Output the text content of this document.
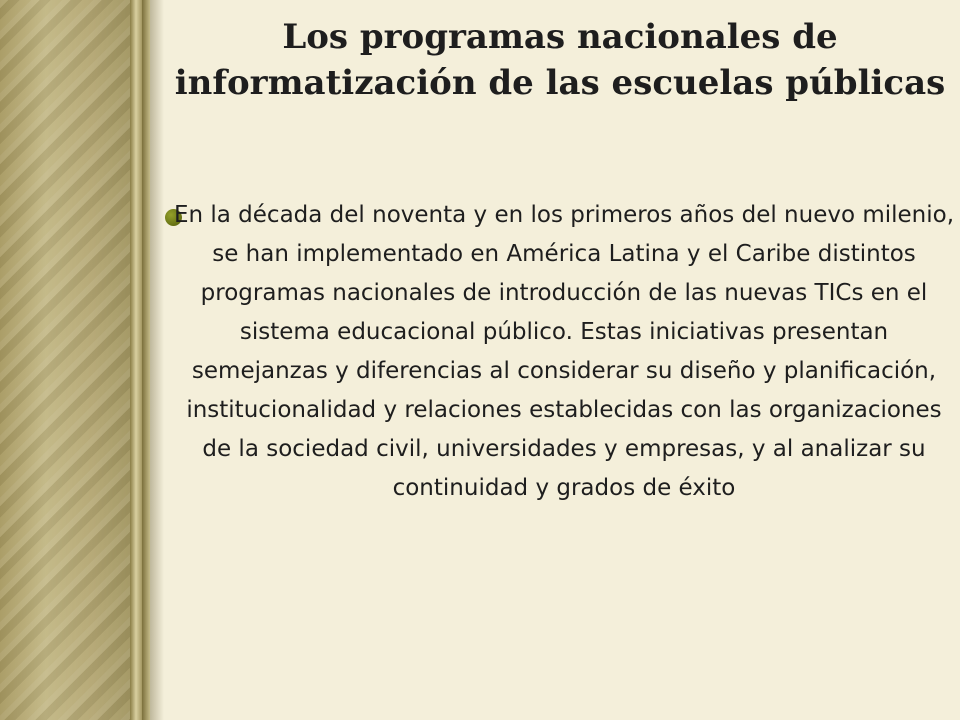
Los programas nacionales de informatización de las escuelas públicas

En la década del noventa y en los primeros años del nuevo milenio, se han implementado en América Latina y el Caribe distintos programas nacionales de introducción de las nuevas TICs en el sistema educacional público. Estas iniciativas presentan semejanzas y diferencias al considerar su diseño y planificación, institucionalidad y relaciones establecidas con las organizaciones de la sociedad civil, universidades y empresas, y al analizar su continuidad y grados de éxito
